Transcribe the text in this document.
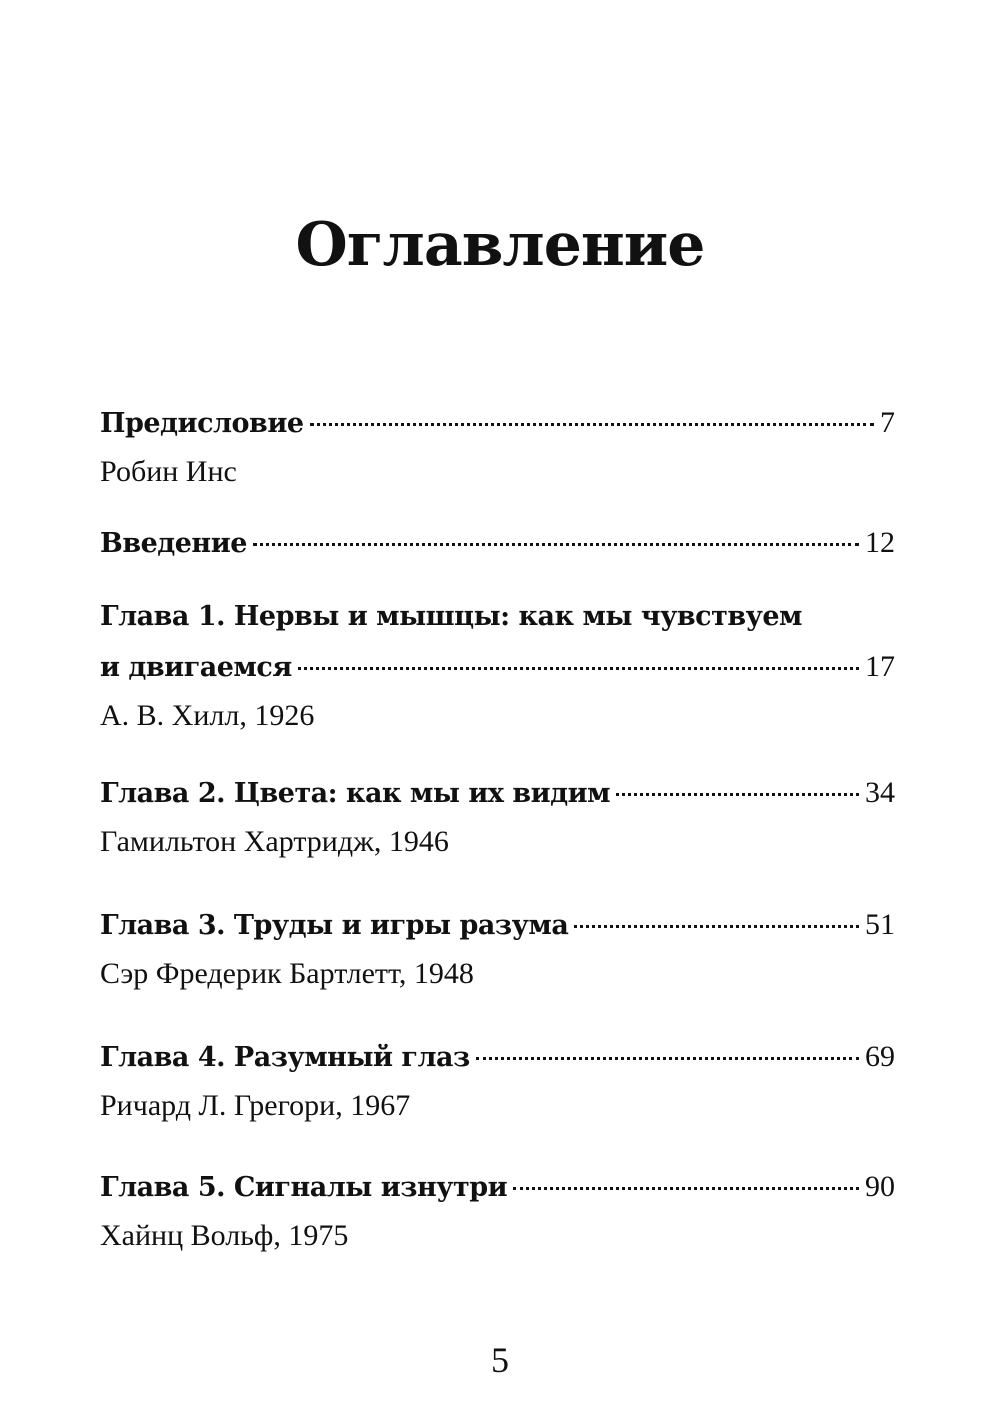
Оглавление
Предисловие	7
Робин Инс
Введение	12
Глава 1. Нервы и мышцы: как мы чувствуем
и двигаемся	17
А. В. Хилл, 1926
Глава 2. Цвета: как мы их видим	34
Гамильтон Хартридж, 1946
Глава 3. Труды и игры разума	51
Сэр Фредерик Бартлетт, 1948
Глава 4. Разумный глаз	69
Ричард Л. Грегори, 1967
Глава 5. Сигналы изнутри	90
Хайнц Вольф, 1975
5
